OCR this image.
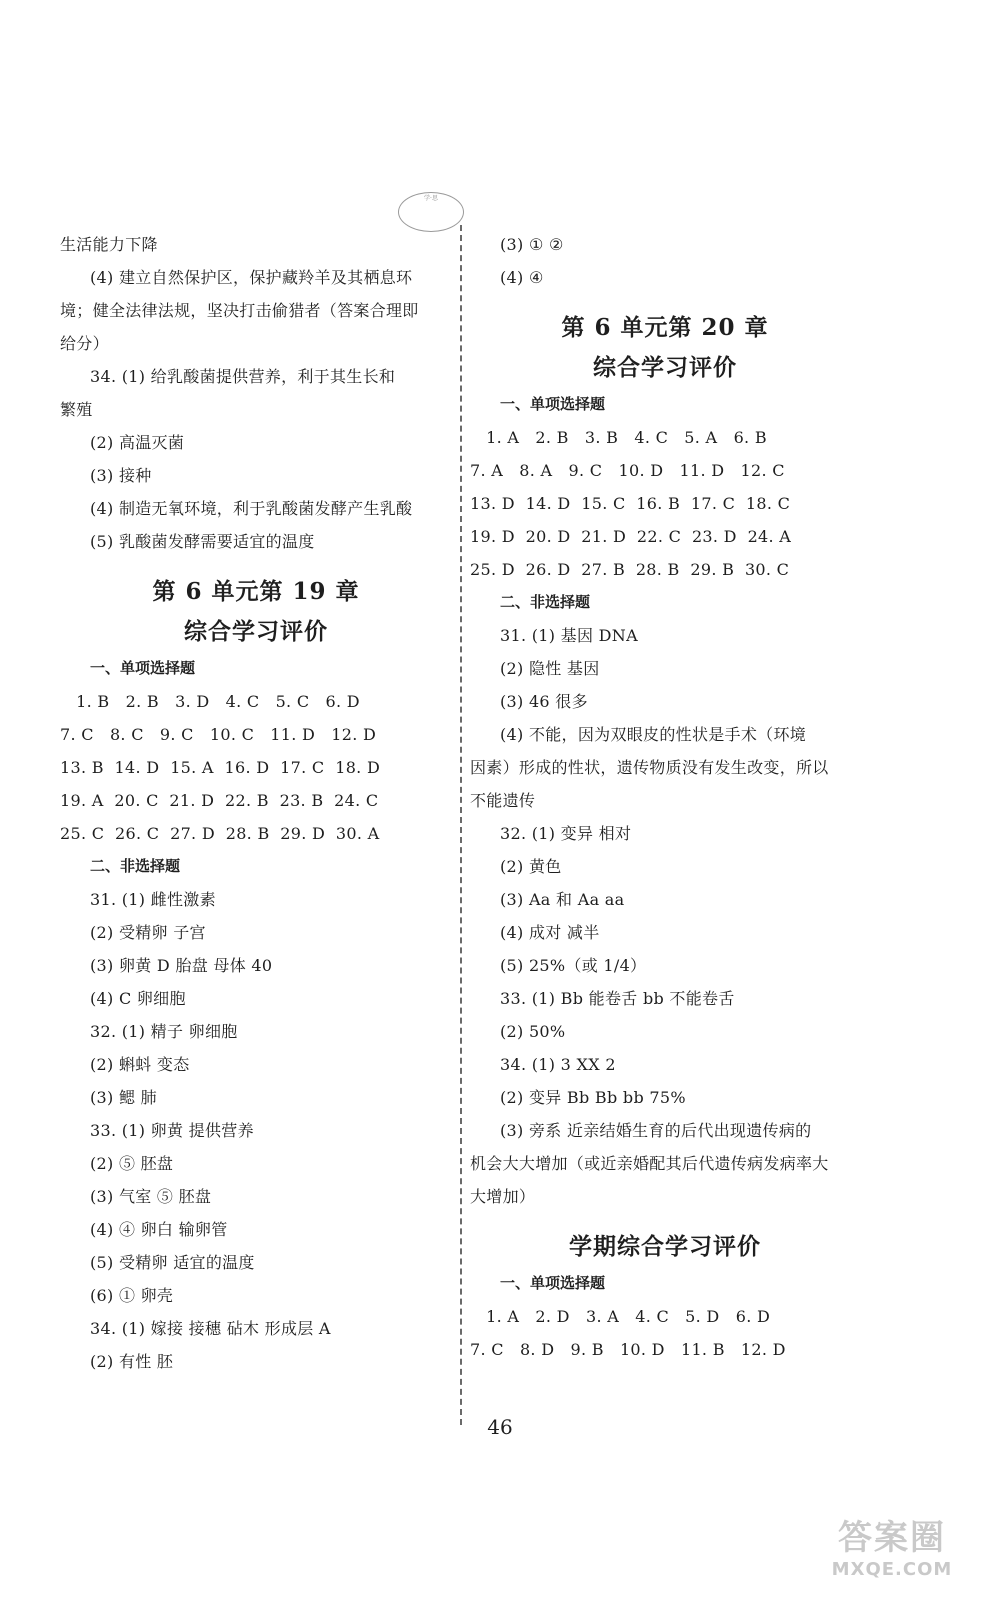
学·思
生活能力下降
(4) 建立自然保护区，保护藏羚羊及其栖息环
境；健全法律法规，坚决打击偷猎者（答案合理即
给分）
34. (1) 给乳酸菌提供营养，利于其生长和
繁殖
(2) 高温灭菌
(3) 接种
(4) 制造无氧环境，利于乳酸菌发酵产生乳酸
(5) 乳酸菌发酵需要适宜的温度
第 6 单元第 19 章
综合学习评价
一、单项选择题
1. B   2. B   3. D   4. C   5. C   6. D
7. C   8. C   9. C   10. C   11. D   12. D
13. B  14. D  15. A  16. D  17. C  18. D
19. A  20. C  21. D  22. B  23. B  24. C
25. C  26. C  27. D  28. B  29. D  30. A
二、非选择题
31. (1) 雌性激素
(2) 受精卵 子宫
(3) 卵黄 D 胎盘 母体 40
(4) C 卵细胞
32. (1) 精子 卵细胞
(2) 蝌蚪 变态
(3) 鳃 肺
33. (1) 卵黄 提供营养
(2) ⑤ 胚盘
(3) 气室 ⑤ 胚盘
(4) ④ 卵白 输卵管
(5) 受精卵 适宜的温度
(6) ① 卵壳
34. (1) 嫁接 接穗 砧木 形成层 A
(2) 有性 胚
(3) ① ②
(4) ④
第 6 单元第 20 章
综合学习评价
一、单项选择题
1. A   2. B   3. B   4. C   5. A   6. B
7. A   8. A   9. C   10. D   11. D   12. C
13. D  14. D  15. C  16. B  17. C  18. C
19. D  20. D  21. D  22. C  23. D  24. A
25. D  26. D  27. B  28. B  29. B  30. C
二、非选择题
31. (1) 基因 DNA
(2) 隐性 基因
(3) 46 很多
(4) 不能，因为双眼皮的性状是手术（环境
因素）形成的性状，遗传物质没有发生改变，所以
不能遗传
32. (1) 变异 相对
(2) 黄色
(3) Aa 和 Aa aa
(4) 成对 减半
(5) 25%（或 1/4）
33. (1) Bb 能卷舌 bb 不能卷舌
(2) 50%
34. (1) 3 XX 2
(2) 变异 Bb Bb bb 75%
(3) 旁系 近亲结婚生育的后代出现遗传病的
机会大大增加（或近亲婚配其后代遗传病发病率大
大增加）
学期综合学习评价
一、单项选择题
1. A   2. D   3. A   4. C   5. D   6. D
7. C   8. D   9. B   10. D   11. B   12. D
46
答案圈
MXQE.COM
